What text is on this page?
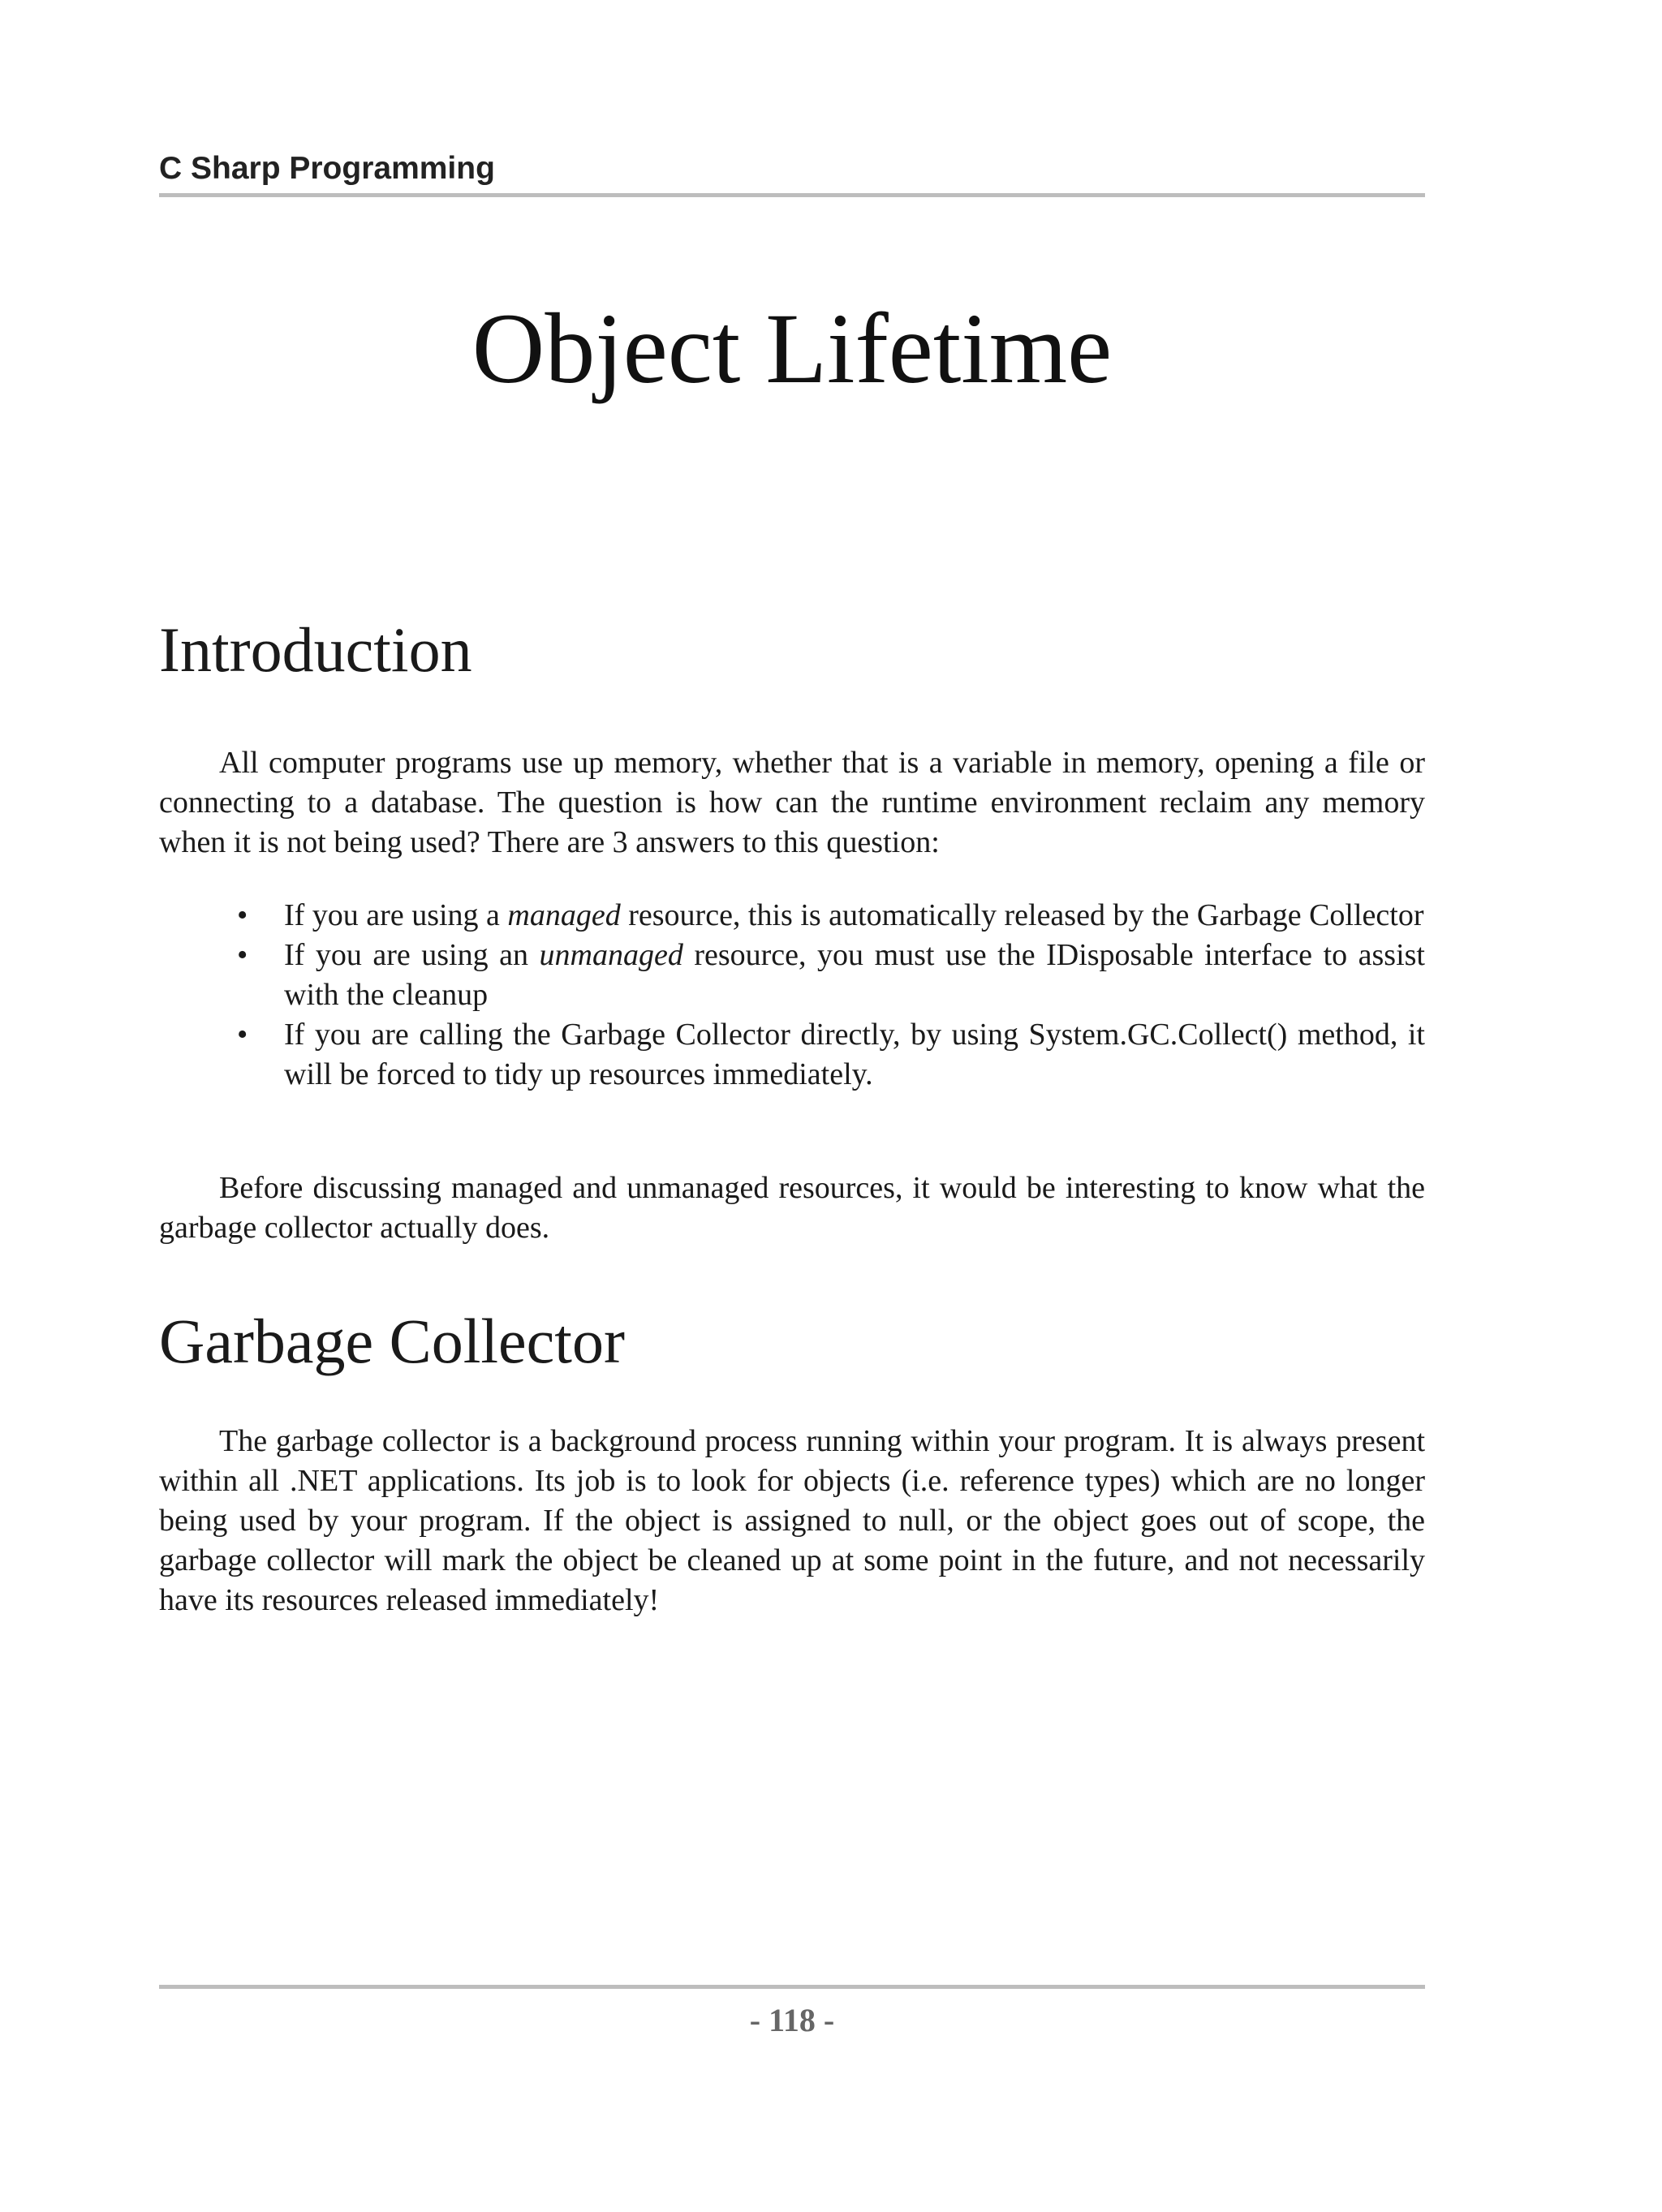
C Sharp Programming
Object Lifetime
Introduction

All computer programs use up memory, whether that is a variable in memory, opening a file or connecting to a database. The question is how can the runtime environment reclaim any memory when it is not being used? There are 3 answers to this question:

• If you are using a managed resource, this is automatically released by the Garbage Collector
• If you are using an unmanaged resource, you must use the IDisposable interface to assist with the cleanup
• If you are calling the Garbage Collector directly, by using System.GC.Collect() method, it will be forced to tidy up resources immediately.

Before discussing managed and unmanaged resources, it would be interesting to know what the garbage collector actually does.

Garbage Collector

The garbage collector is a background process running within your program. It is always present within all .NET applications. Its job is to look for objects (i.e. reference types) which are no longer being used by your program. If the object is assigned to null, or the object goes out of scope, the garbage collector will mark the object be cleaned up at some point in the future, and not necessarily have its resources released immediately!

- 118 -
